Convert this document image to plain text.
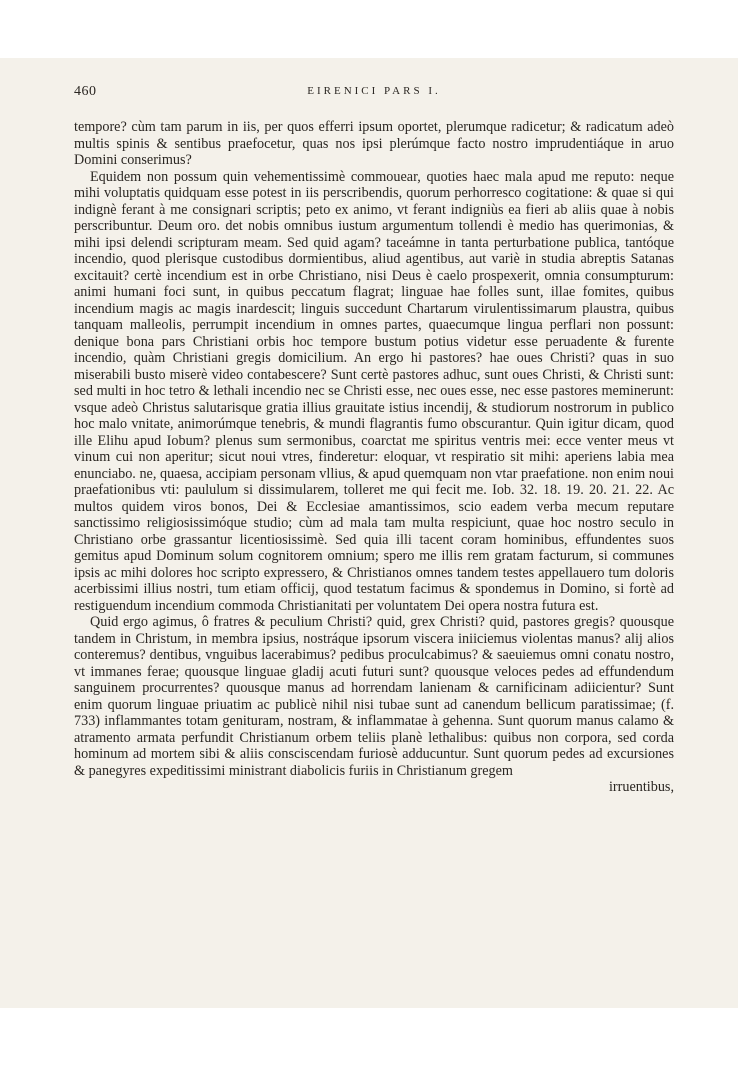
460	EIRENICI PARS I.

tempore? cùm tam parum in iis, per quos efferri ipsum oportet, plerumque radicetur; & radicatum adeò multis spinis & sentibus praefocetur, quas nos ipsi plerúmque facto nostro imprudentiáque in aruo Domini conserimus?

Equidem non possum quin vehementissimè commouear, quoties haec mala apud me reputo: neque mihi voluptatis quidquam esse potest in iis perscribendis, quorum perhorresco cogitatione: & quae si qui indignè ferant à me consignari scriptis; peto ex animo, vt ferant indigniùs ea fieri ab aliis quae à nobis perscribuntur. Deum oro. det nobis omnibus iustum argumentum tollendi è medio has querimonias, & mihi ipsi delendi scripturam meam. Sed quid agam? taceámne in tanta perturbatione publica, tantóque incendio, quod plerisque custodibus dormientibus, aliud agentibus, aut variè in studia abreptis Satanas excitauit? certè incendium est in orbe Christiano, nisi Deus è caelo prospexerit, omnia consumpturum: animi humani foci sunt, in quibus peccatum flagrat; linguae hae folles sunt, illae fomites, quibus incendium magis ac magis inardescit; linguis succedunt Chartarum virulentissimarum plaustra, quibus tanquam malleolis, perrumpit incendium in omnes partes, quaecumque lingua perflari non possunt: denique bona pars Christiani orbis hoc tempore bustum potius videtur esse peruadente & furente incendio, quàm Christiani gregis domicilium. An ergo hi pastores? hae oues Christi? quas in suo miserabili busto miserè video contabescere? Sunt certè pastores adhuc, sunt oues Christi, & Christi sunt: sed multi in hoc tetro & lethali incendio nec se Christi esse, nec oues esse, nec esse pastores meminerunt: vsque adeò Christus salutarisque gratia illius grauitate istius incendij, & studiorum nostrorum in publico hoc malo vnitate, animorúmque tenebris, & mundi flagrantis fumo obscurantur. Quin igitur dicam, quod ille Elihu apud Iobum? plenus sum sermonibus, coarctat me spiritus ventris mei: ecce venter meus vt vinum cui non aperitur; sicut noui vtres, finderetur: eloquar, vt respiratio sit mihi: aperiens labia mea enunciabo. ne, quaesa, accipiam personam vllius, & apud quemquam non vtar praefatione. non enim noui praefationibus vti: paululum si dissimularem, tolleret me qui fecit me. Iob. 32. 18. 19. 20. 21. 22. Ac multos quidem viros bonos, Dei & Ecclesiae amantissimos, scio eadem verba mecum reputare sanctissimo religiosissimóque studio; cùm ad mala tam multa respiciunt, quae hoc nostro seculo in Christiano orbe grassantur licentiosissimè. Sed quia illi tacent coram hominibus, effundentes suos gemitus apud Dominum solum cognitorem omnium; spero me illis rem gratam facturum, si communes ipsis ac mihi dolores hoc scripto expressero, & Christianos omnes tandem testes appellauero tum doloris acerbissimi illius nostri, tum etiam officij, quod testatum facimus & spondemus in Domino, si fortè ad restiguendum incendium commoda Christianitati per voluntatem Dei opera nostra futura est.

Quid ergo agimus, ô fratres & peculium Christi? quid, grex Christi? quid, pastores gregis? quousque tandem in Christum, in membra ipsius, nostráque ipsorum viscera iniiciemus violentas manus? alij alios conteremus? dentibus, vnguibus lacerabimus? pedibus proculcabimus? & saeuiemus omni conatu nostro, vt immanes ferae; quousque linguae gladij acuti futuri sunt? quousque veloces pedes ad effundendum sanguinem procurrentes? quousque manus ad horrendam lanienam & carnificinam adiicientur? Sunt enim quorum linguae priuatim ac publicè nihil nisi tubae sunt ad canendum bellicum paratissimae; (f. 733) inflammantes totam genituram, nostram, & inflammatae à gehenna. Sunt quorum manus calamo & atramento armata perfundit Christianum orbem teliis planè lethalibus: quibus non corpora, sed corda hominum ad mortem sibi & aliis consciscendam furiosè adducuntur. Sunt quorum pedes ad excursiones & panegyres expeditissimi ministrant diabolicis furiis in Christianum gregem

irruentibus,
